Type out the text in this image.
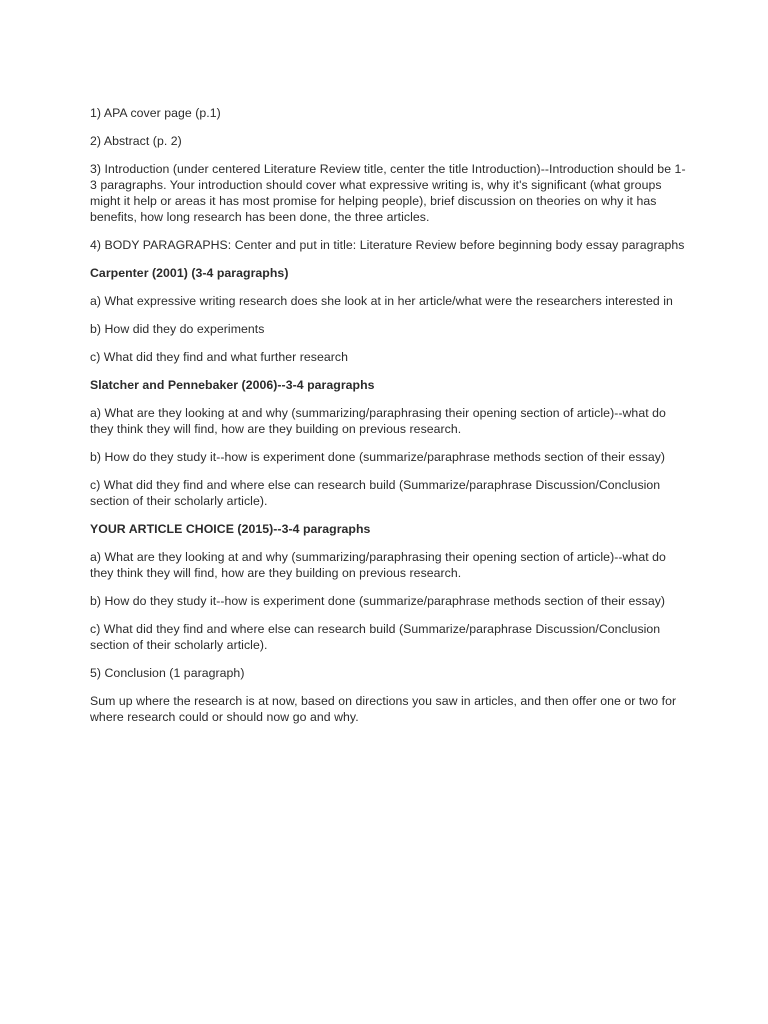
1) APA cover page (p.1)

2) Abstract (p. 2)

3) Introduction (under centered Literature Review title, center the title Introduction)--Introduction should be 1-3 paragraphs. Your introduction should cover what expressive writing is, why it's significant (what groups might it help or areas it has most promise for helping people), brief discussion on theories on why it has benefits, how long research has been done, the three articles.

4) BODY PARAGRAPHS: Center and put in title: Literature Review before beginning body essay paragraphs

Carpenter (2001) (3-4 paragraphs)

a) What expressive writing research does she look at in her article/what were the researchers interested in

b) How did they do experiments

c) What did they find and what further research

Slatcher and Pennebaker (2006)--3-4 paragraphs

a) What are they looking at and why (summarizing/paraphrasing their opening section of article)--what do they think they will find, how are they building on previous research.

b) How do they study it--how is experiment done (summarize/paraphrase methods section of their essay)

c) What did they find and where else can research build (Summarize/paraphrase Discussion/Conclusion section of their scholarly article).

YOUR ARTICLE CHOICE (2015)--3-4 paragraphs

a) What are they looking at and why (summarizing/paraphrasing their opening section of article)--what do they think they will find, how are they building on previous research.

b) How do they study it--how is experiment done (summarize/paraphrase methods section of their essay)

c) What did they find and where else can research build (Summarize/paraphrase Discussion/Conclusion section of their scholarly article).

5) Conclusion (1 paragraph)

Sum up where the research is at now, based on directions you saw in articles, and then offer one or two for where research could or should now go and why.
